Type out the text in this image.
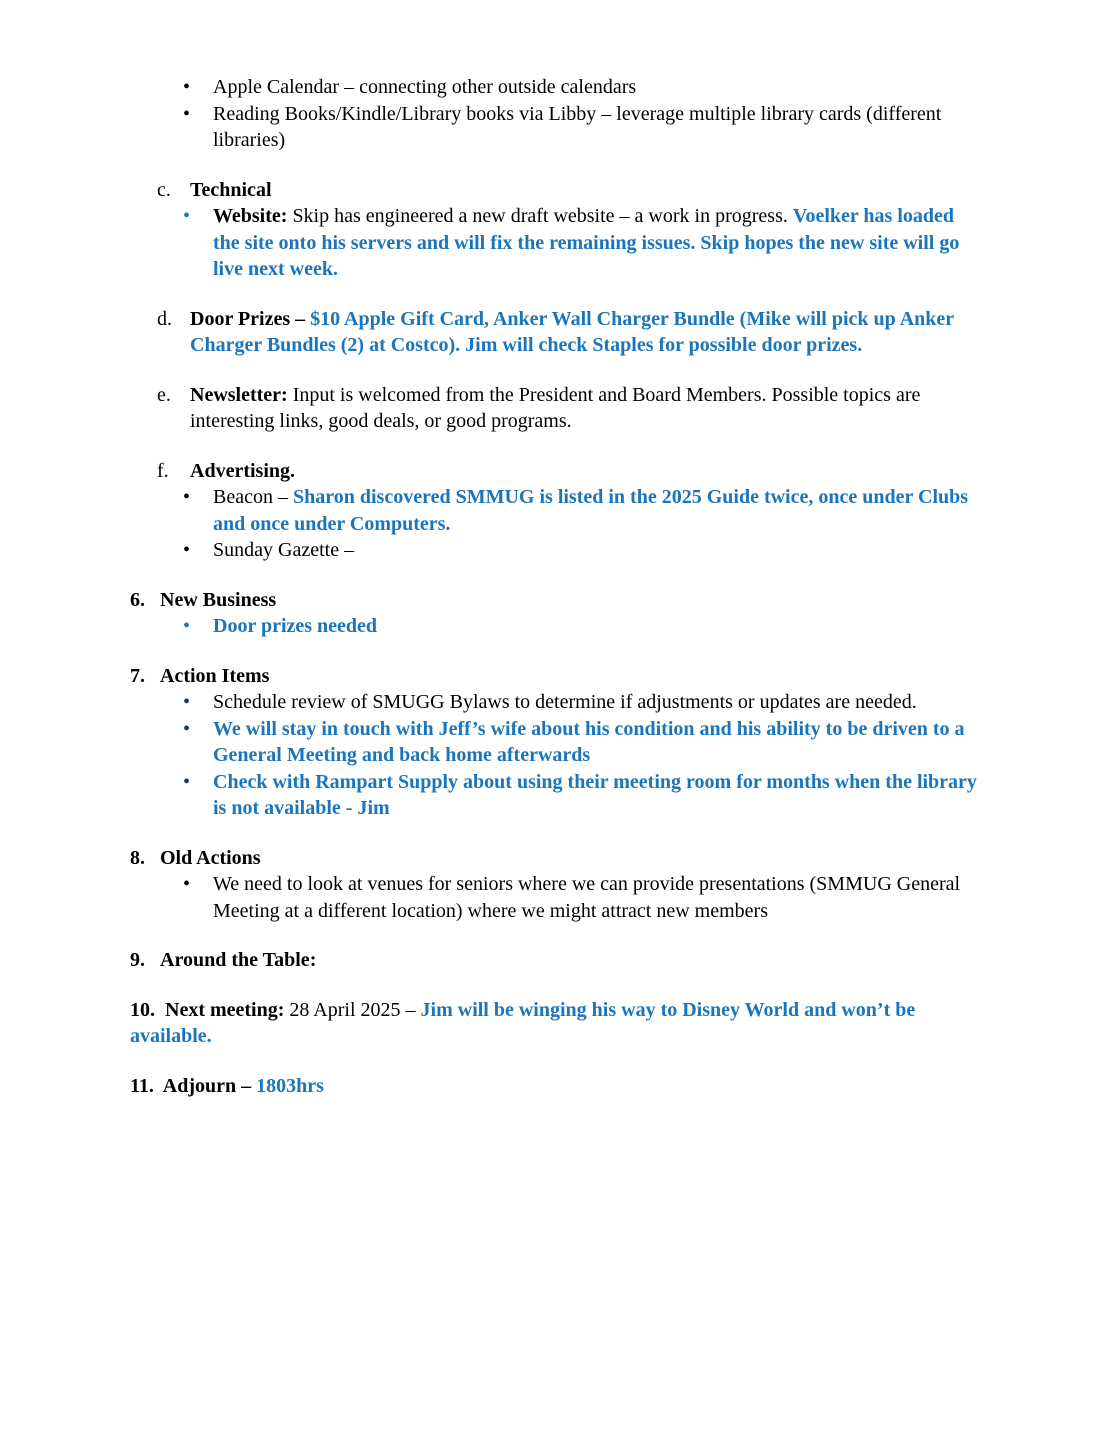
•
Apple Calendar – connecting other outside calendars
•
Reading Books/Kindle/Library books via Libby – leverage multiple library cards (different libraries)
c. Technical
•
Website: Skip has engineered a new draft website – a work in progress. Voelker has loaded the site onto his servers and will fix the remaining issues. Skip hopes the new site will go live next week.
d. Door Prizes – $10 Apple Gift Card, Anker Wall Charger Bundle (Mike will pick up Anker Charger Bundles (2) at Costco). Jim will check Staples for possible door prizes.
e. Newsletter: Input is welcomed from the President and Board Members. Possible topics are interesting links, good deals, or good programs.
f. Advertising.
•
Beacon – Sharon discovered SMMUG is listed in the 2025 Guide twice, once under Clubs and once under Computers.
•
Sunday Gazette –
6. New Business
•
Door prizes needed
7. Action Items
•
Schedule review of SMUGG Bylaws to determine if adjustments or updates are needed.
•
We will stay in touch with Jeff’s wife about his condition and his ability to be driven to a General Meeting and back home afterwards
•
Check with Rampart Supply about using their meeting room for months when the library is not available - Jim
8. Old Actions
•
We need to look at venues for seniors where we can provide presentations (SMMUG General Meeting at a different location) where we might attract new members
9. Around the Table:
10.  Next meeting: 28 April 2025 – Jim will be winging his way to Disney World and won’t be available.
11.  Adjourn – 1803hrs
